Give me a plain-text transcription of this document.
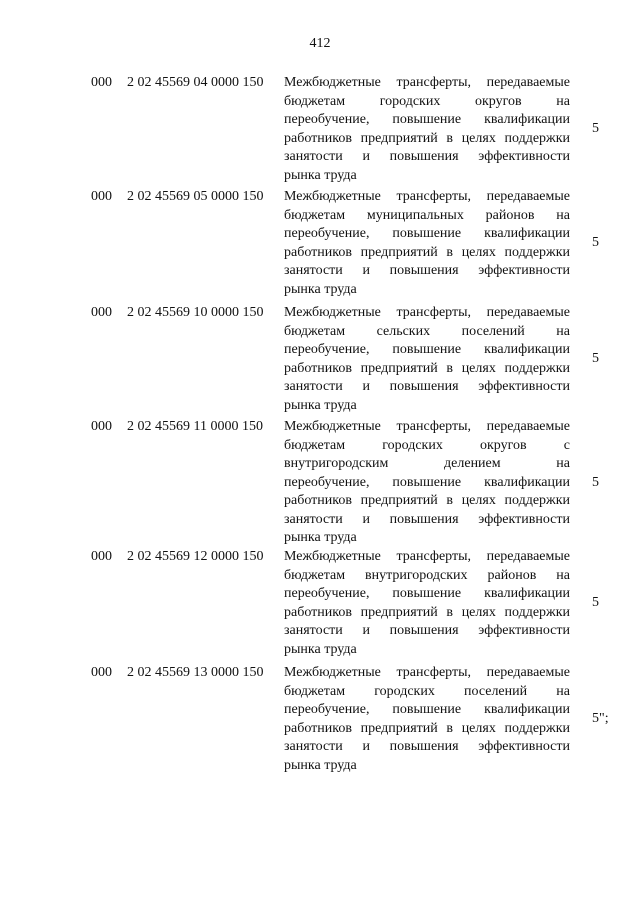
412
000 2 02 45569 04 0000 150 Межбюджетные трансферты, передаваемые
бюджетам городских округов на
переобучение, повышение квалификации
работников предприятий в целях поддержки
занятости и повышения эффективности
рынка труда
5
000 2 02 45569 05 0000 150 Межбюджетные трансферты, передаваемые
бюджетам муниципальных районов на
переобучение, повышение квалификации
работников предприятий в целях поддержки
занятости и повышения эффективности
рынка труда
5
000 2 02 45569 10 0000 150 Межбюджетные трансферты, передаваемые
бюджетам сельских поселений на
переобучение, повышение квалификации
работников предприятий в целях поддержки
занятости и повышения эффективности
рынка труда
5
000 2 02 45569 11 0000 150 Межбюджетные трансферты, передаваемые
бюджетам городских округов с
внутригородским делением на
переобучение, повышение квалификации
работников предприятий в целях поддержки
занятости и повышения эффективности
рынка труда
5
000 2 02 45569 12 0000 150 Межбюджетные трансферты, передаваемые
бюджетам внутригородских районов на
переобучение, повышение квалификации
работников предприятий в целях поддержки
занятости и повышения эффективности
рынка труда
5
000 2 02 45569 13 0000 150 Межбюджетные трансферты, передаваемые
бюджетам городских поселений на
переобучение, повышение квалификации
работников предприятий в целях поддержки
занятости и повышения эффективности
рынка труда
5";
